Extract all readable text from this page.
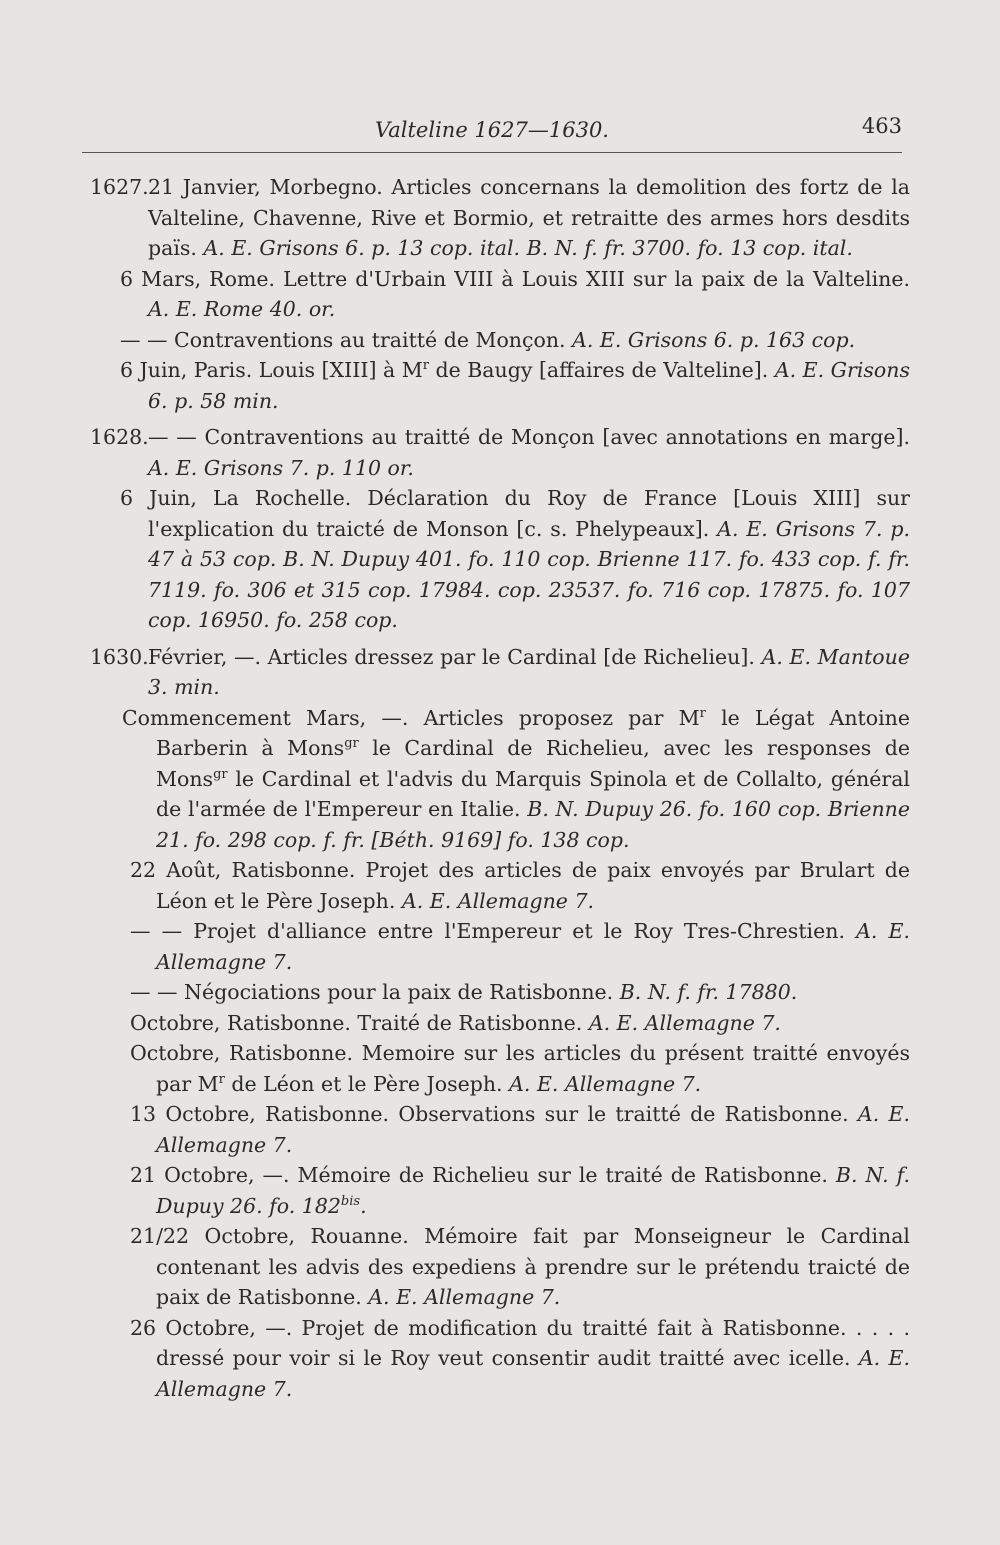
Valteline 1627—1630.	463

1627.21 Janvier, Morbegno. Articles concernans la demolition des fortz de la Valteline, Chavenne, Rive et Bormio, et retraitte des armes hors desdits païs. A. E. Grisons 6. p. 13 cop. ital. B. N. f. fr. 3700. fo. 13 cop. ital.

6 Mars, Rome. Lettre d'Urbain VIII à Louis XIII sur la paix de la Valteline. A. E. Rome 40. or.

— — Contraventions au traitté de Monçon. A. E. Grisons 6. p. 163 cop.

6 Juin, Paris. Louis [XIII] à $M^r$ de Baugy [affaires de Valteline]. A. E. Grisons 6. p. 58 min.

1628.— — Contraventions au traitté de Monçon [avec annotations en marge]. A. E. Grisons 7. p. 110 or.

6 Juin, La Rochelle. Déclaration du Roy de France [Louis XIII] sur l'explication du traicté de Monson [c. s. Phelypeaux]. A. E. Grisons 7. p. 47 à 53 cop. B. N. Dupuy 401. fo. 110 cop. Brienne 117. fo. 433 cop. f. fr. 7119. fo. 306 et 315 cop. 17984. cop. 23537. fo. 716 cop. 17875. fo. 107 cop. 16950. fo. 258 cop.

1630.Février, —. Articles dressez par le Cardinal [de Richelieu]. A. E. Mantoue 3. min.

Commencement Mars, —. Articles proposez par $M^r$ le Légat Antoine Barberin à Mons$^{gr}$ le Cardinal de Richelieu, avec les responses de Mons$^{gr}$ le Cardinal et l'advis du Marquis Spinola et de Collalto, général de l'armée de l'Empereur en Italie. B. N. Dupuy 26. fo. 160 cop. Brienne 21. fo. 298 cop. f. fr. [Béth. 9169] fo. 138 cop.

22 Août, Ratisbonne. Projet des articles de paix envoyés par Brulart de Léon et le Père Joseph. A. E. Allemagne 7.

— — Projet d'alliance entre l'Empereur et le Roy Tres-Chrestien. A. E. Allemagne 7.

— — Négociations pour la paix de Ratisbonne. B. N. f. fr. 17880.

Octobre, Ratisbonne. Traité de Ratisbonne. A. E. Allemagne 7.

Octobre, Ratisbonne. Memoire sur les articles du présent traitté envoyés par $M^r$ de Léon et le Père Joseph. A. E. Allemagne 7.

13 Octobre, Ratisbonne. Observations sur le traitté de Ratisbonne. A. E. Allemagne 7.

21 Octobre, —. Mémoire de Richelieu sur le traité de Ratisbonne. B. N. f. Dupuy 26. fo. $182^{bis}$.

21/22 Octobre, Rouanne. Mémoire fait par Monseigneur le Cardinal contenant les advis des expediens à prendre sur le prétendu traicté de paix de Ratisbonne. A. E. Allemagne 7.

26 Octobre, —. Projet de modification du traitté fait à Ratisbonne. . . . . dressé pour voir si le Roy veut consentir audit traitté avec icelle. A. E. Allemagne 7.
